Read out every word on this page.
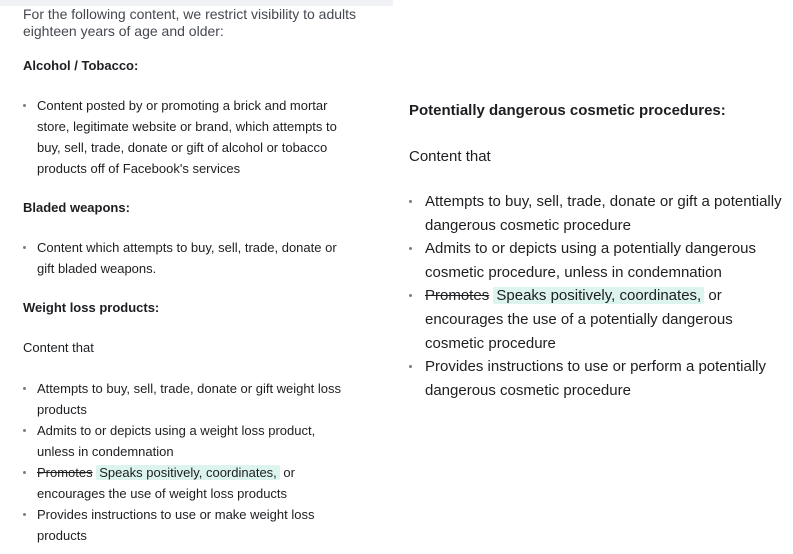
For the following content, we restrict visibility to adults eighteen years of age and older:
Alcohol / Tobacco:
Content posted by or promoting a brick and mortar store, legitimate website or brand, which attempts to buy, sell, trade, donate or gift of alcohol or tobacco products off of Facebook's services
Bladed weapons:
Content which attempts to buy, sell, trade, donate or gift bladed weapons.
Weight loss products:
Content that
Attempts to buy, sell, trade, donate or gift weight loss products
Admits to or depicts using a weight loss product, unless in condemnation
Promotes Speaks positively, coordinates, or encourages the use of weight loss products
Provides instructions to use or make weight loss products
Potentially dangerous cosmetic procedures:
Content that
Attempts to buy, sell, trade, donate or gift a potentially dangerous cosmetic procedure
Admits to or depicts using a potentially dangerous cosmetic procedure, unless in condemnation
Promotes Speaks positively, coordinates, or encourages the use of a potentially dangerous cosmetic procedure
Provides instructions to use or perform a potentially dangerous cosmetic procedure
